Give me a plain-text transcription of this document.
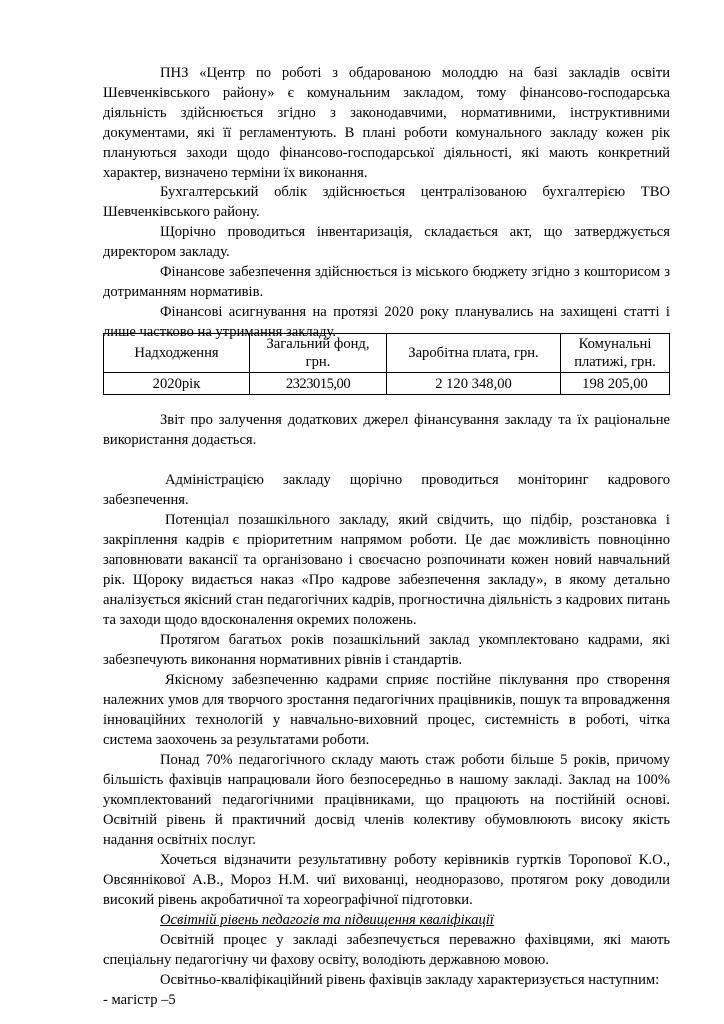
ПНЗ «Центр по роботі з обдарованою молоддю на базі закладів освіти Шевченківського району» є комунальним закладом, тому фінансово-господарська діяльність здійснюється згідно з законодавчими, нормативними, інструктивними документами, які її регламентують. В плані роботи комунального закладу кожен рік плануються заходи щодо фінансово-господарської діяльності, які мають конкретний характер, визначено терміни їх виконання.

Бухгалтерський облік здійснюється централізованою бухгалтерією ТВО Шевченківського району.

Щорічно проводиться інвентаризація, складається акт, що затверджується директором закладу.

Фінансове забезпечення здійснюється із міського бюджету згідно з кошторисом з дотриманням нормативів.

Фінансові асигнування на протязі 2020 року планувались на захищені статті і лише частково на утримання закладу.

Надходження	Загальний фонд, грн.	Заробітна плата, грн.	Комунальні платижі, грн.
2020рік	2323015,00	2 120 348,00	198 205,00

Звіт про залучення додаткових джерел фінансування закладу та їх раціональне використання додається.

Адміністрацією закладу щорічно проводиться моніторинг кадрового забезпечення.

Потенціал позашкільного закладу, який свідчить, що підбір, розстановка і закріплення кадрів є пріоритетним напрямом роботи. Це дає можливість повноцінно заповнювати вакансії та організовано і своєчасно розпочинати кожен новий навчальний рік. Щороку видається наказ «Про кадрове забезпечення закладу», в якому детально аналізується якісний стан педагогічних кадрів, прогностична діяльність з кадрових питань та заходи щодо вдосконалення окремих положень.

Протягом багатьох років позашкільний заклад укомплектовано кадрами, які забезпечують виконання нормативних рівнів і стандартів.

Якісному забезпеченню кадрами сприяє постійне піклування про створення належних умов для творчого зростання педагогічних працівників, пошук та впровадження інноваційних технологій у навчально-виховний процес, системність в роботі, чітка система заохочень за результатами роботи.

Понад 70% педагогічного складу мають стаж роботи більше 5 років, причому більшість фахівців напрацювали його безпосередньо в нашому закладі. Заклад на 100% укомплектований педагогічними працівниками, що працюють на постійній основі. Освітній рівень й практичний досвід членів колективу обумовлюють високу якість надання освітніх послуг.

Хочеться відзначити результативну роботу керівників гуртків Торопової К.О., Овсяннікової А.В., Мороз Н.М. чиї вихованці, неодноразово, протягом року доводили високий рівень акробатичної та хореографічної підготовки.

Освітній рівень педагогів та підвищення кваліфікації

Освітній процес у закладі забезпечується переважно фахівцями, які мають спеціальну педагогічну чи фахову освіту, володіють державною мовою.

Освітньо-кваліфікаційний рівень фахівців закладу характеризується наступним:

- магістр –5
